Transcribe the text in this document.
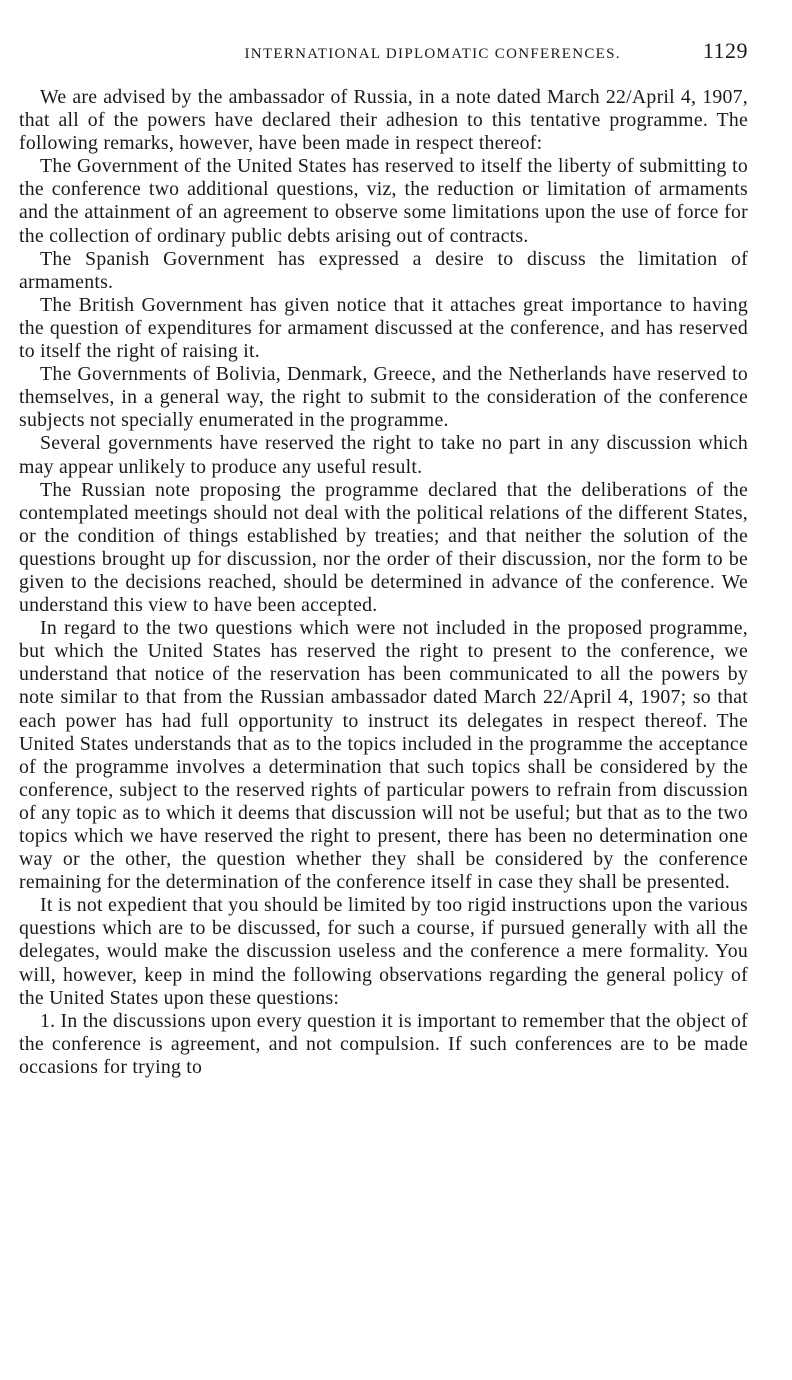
INTERNATIONAL DIPLOMATIC CONFERENCES.	1129

We are advised by the ambassador of Russia, in a note dated March 22/April 4, 1907, that all of the powers have declared their adhesion to this tentative programme. The following remarks, however, have been made in respect thereof:

The Government of the United States has reserved to itself the liberty of submitting to the conference two additional questions, viz, the reduction or limitation of armaments and the attainment of an agreement to observe some limitations upon the use of force for the collection of ordinary public debts arising out of contracts.

The Spanish Government has expressed a desire to discuss the limitation of armaments.

The British Government has given notice that it attaches great importance to having the question of expenditures for armament discussed at the conference, and has reserved to itself the right of raising it.

The Governments of Bolivia, Denmark, Greece, and the Netherlands have reserved to themselves, in a general way, the right to submit to the consideration of the conference subjects not specially enumerated in the programme.

Several governments have reserved the right to take no part in any discussion which may appear unlikely to produce any useful result.

The Russian note proposing the programme declared that the deliberations of the contemplated meetings should not deal with the political relations of the different States, or the condition of things established by treaties; and that neither the solution of the questions brought up for discussion, nor the order of their discussion, nor the form to be given to the decisions reached, should be determined in advance of the conference. We understand this view to have been accepted.

In regard to the two questions which were not included in the proposed programme, but which the United States has reserved the right to present to the conference, we understand that notice of the reservation has been communicated to all the powers by note similar to that from the Russian ambassador dated March 22/April 4, 1907; so that each power has had full opportunity to instruct its delegates in respect thereof. The United States understands that as to the topics included in the programme the acceptance of the programme involves a determination that such topics shall be considered by the conference, subject to the reserved rights of particular powers to refrain from discussion of any topic as to which it deems that discussion will not be useful; but that as to the two topics which we have reserved the right to present, there has been no determination one way or the other, the question whether they shall be considered by the conference remaining for the determination of the conference itself in case they shall be presented.

It is not expedient that you should be limited by too rigid instructions upon the various questions which are to be discussed, for such a course, if pursued generally with all the delegates, would make the discussion useless and the conference a mere formality. You will, however, keep in mind the following observations regarding the general policy of the United States upon these questions:

1. In the discussions upon every question it is important to remember that the object of the conference is agreement, and not compulsion. If such conferences are to be made occasions for trying to
